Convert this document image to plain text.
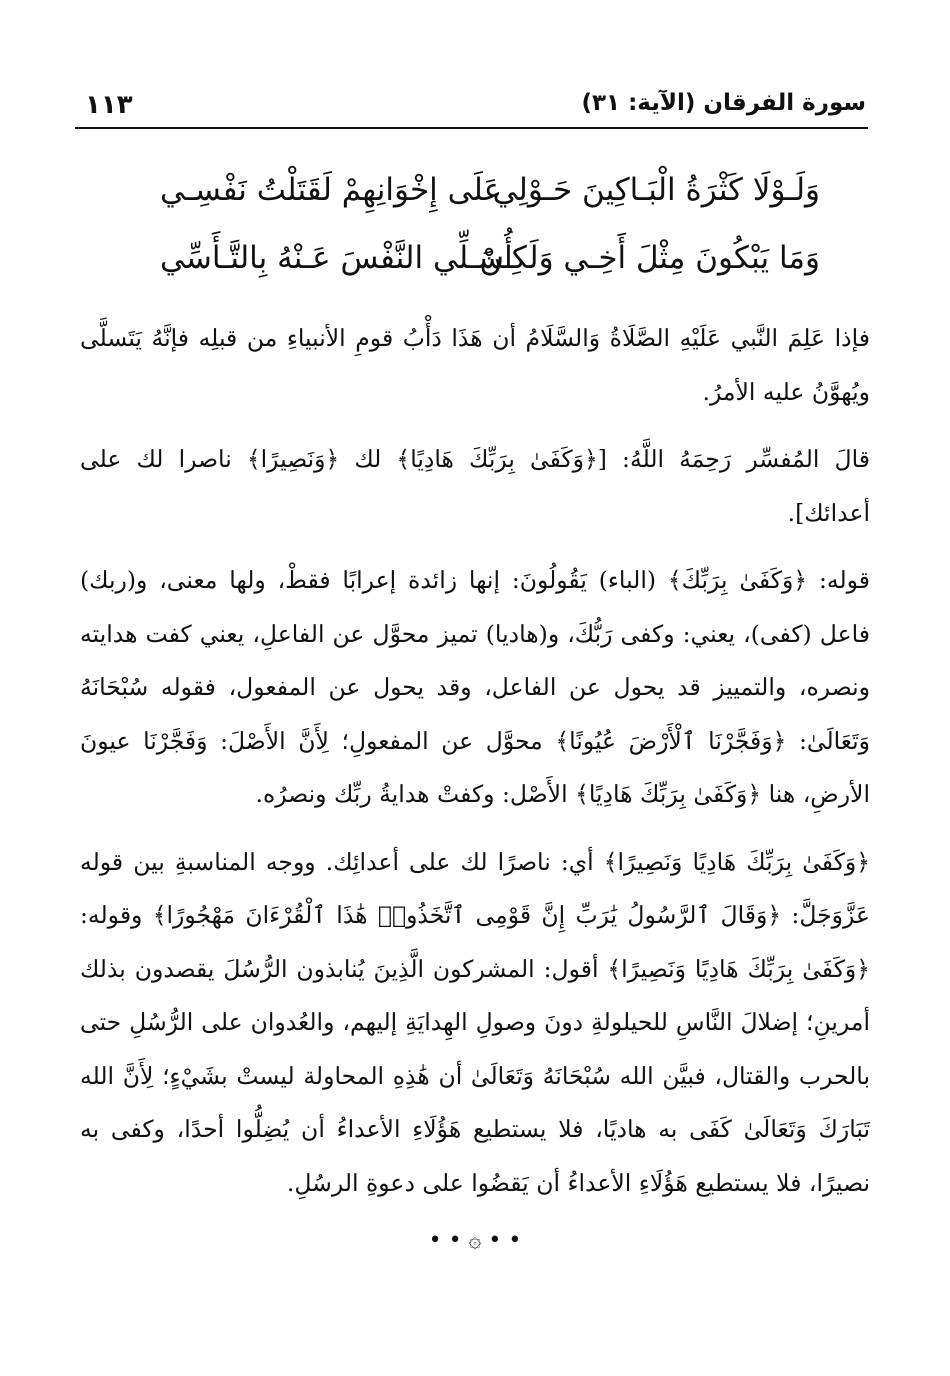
١١٣	سورة الفرقان (الآية: ٣١)
وَلَـوْلَا كَثْرَةُ الْبَـاكِينَ حَـوْلِي
عَلَى إِخْوَانِهِمْ لَقَتَلْتُ نَفْسِـي
وَمَا يَبْكُونَ مِثْلَ أَخِـي وَلَكِـنْ
أُسَـلِّي النَّفْسَ عَـنْهُ بِالتَّـأَسِّي

فإذا عَلِمَ النَّبي عَلَيْهِ الصَّلَاةُ وَالسَّلَامُ أن هَذَا دَأْبُ قومِ الأنبياءِ من قبلِه فإنَّهُ يَتَسلَّى ويُهوَّنُ عليه الأمرُ.

قالَ المُفسِّر رَحِمَهُ اللَّهُ: [﴿وَكَفَىٰ بِرَبِّكَ هَادِيًا﴾ لك ﴿وَنَصِيرًا﴾ ناصرا لك على أعدائك].

قوله: ﴿وَكَفَىٰ بِرَبِّكَ﴾ (الباء) يَقُولُونَ: إنها زائدة إعرابًا فقطْ، ولها معنى، و(ربك) فاعل (كفى)، يعني: وكفى رَبُّكَ، و(هاديا) تميز محوَّل عن الفاعلِ، يعني كفت هدايته ونصره، والتمييز قد يحول عن الفاعل، وقد يحول عن المفعول، فقوله سُبْحَانَهُ وَتَعَالَىٰ: ﴿وَفَجَّرْنَا ٱلْأَرْضَ عُيُونًا﴾ محوَّل عن المفعولِ؛ لِأَنَّ الأَصْلَ: وَفَجَّرْنَا عيونَ الأرضِ، هنا ﴿وَكَفَىٰ بِرَبِّكَ هَادِيًا﴾ الأَصْل: وكفتْ هدايةُ ربِّك ونصرُه.

﴿وَكَفَىٰ بِرَبِّكَ هَادِيًا وَنَصِيرًا﴾ أي: ناصرًا لك على أعدائِك. ووجه المناسبةِ بين قوله عَزَّوَجَلَّ: ﴿وَقَالَ ٱلرَّسُولُ يَٰرَبِّ إِنَّ قَوْمِى ٱتَّخَذُوا۟ هَٰذَا ٱلْقُرْءَانَ مَهْجُورًا﴾ وقوله: ﴿وَكَفَىٰ بِرَبِّكَ هَادِيًا وَنَصِيرًا﴾ أقول: المشركون الَّذِينَ يُنابذون الرُّسُلَ يقصدون بذلك أمرينِ؛ إضلالَ النَّاسِ للحيلولةِ دونَ وصولِ الهِدايَةِ إليهم، والعُدوان على الرُّسُلِ حتى بالحرب والقتال، فبيَّن الله سُبْحَانَهُ وَتَعَالَىٰ أن هَٰذِهِ المحاولة ليستْ بشَيْءٍ؛ لِأَنَّ الله تَبَارَكَ وَتَعَالَىٰ كَفَى به هاديًا، فلا يستطيع هَؤُلَاءِ الأعداءُ أن يُضِلُّوا أحدًا، وكفى به نصيرًا، فلا يستطيع هَؤُلَاءِ الأعداءُ أن يَقضُوا على دعوةِ الرسُلِ.

• • ۞ • •
